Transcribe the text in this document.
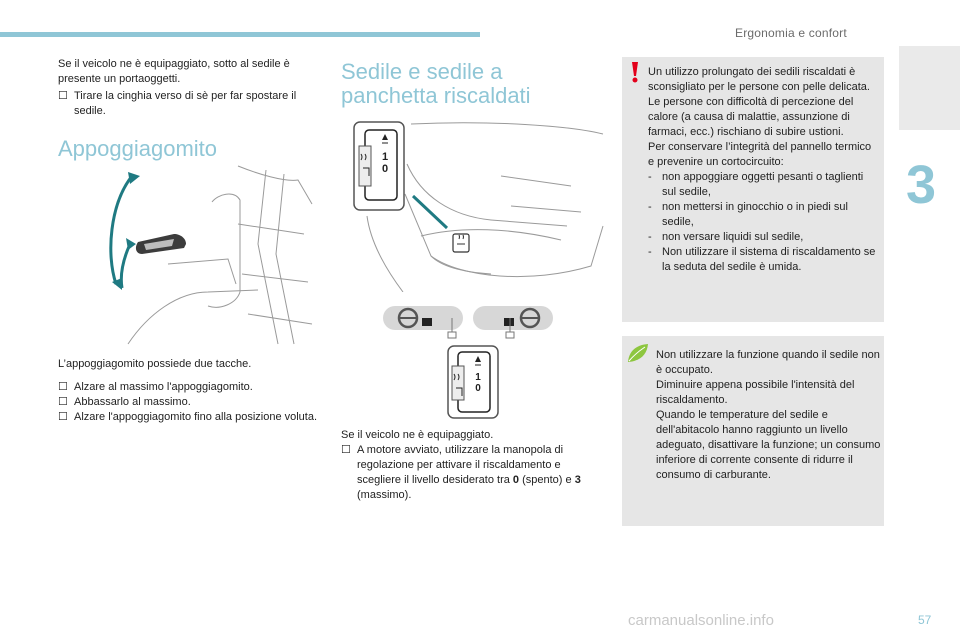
Ergonomia e confort
3
Se il veicolo ne è equipaggiato, sotto al sedile è presente un portaoggetti.
☐ Tirare la cinghia verso di sè per far spostare il sedile.
Appoggiagomito
L’appoggiagomito possiede due tacche.
☐ Alzare al massimo l'appoggiagomito.
☐ Abbassarlo al massimo.
☐ Alzare l'appoggiagomito fino alla posizione voluta.
Sedile e sedile a
panchetta riscaldati
1
0
1
0
Se il veicolo ne è equipaggiato.
☐ A motore avviato, utilizzare la manopola di regolazione per attivare il riscaldamento e scegliere il livello desiderato tra 0 (spento) e 3 (massimo).
Un utilizzo prolungato dei sedili riscaldati è sconsigliato per le persone con pelle delicata.
Le persone con difficoltà di percezione del calore (a causa di malattie, assunzione di farmaci, ecc.) rischiano di subire ustioni.
Per conservare l’integrità del pannello termico e prevenire un cortocircuito:
- non appoggiare oggetti pesanti o taglienti sul sedile,
- non mettersi in ginocchio o in piedi sul sedile,
- non versare liquidi sul sedile,
- Non utilizzare il sistema di riscaldamento se la seduta del sedile è umida.
Non utilizzare la funzione quando il sedile non è occupato.
Diminuire appena possibile l'intensità del riscaldamento.
Quando le temperature del sedile e dell'abitacolo hanno raggiunto un livello adeguato, disattivare la funzione; un consumo inferiore di corrente consente di ridurre il consumo di carburante.
carmanualsonline.info	57
